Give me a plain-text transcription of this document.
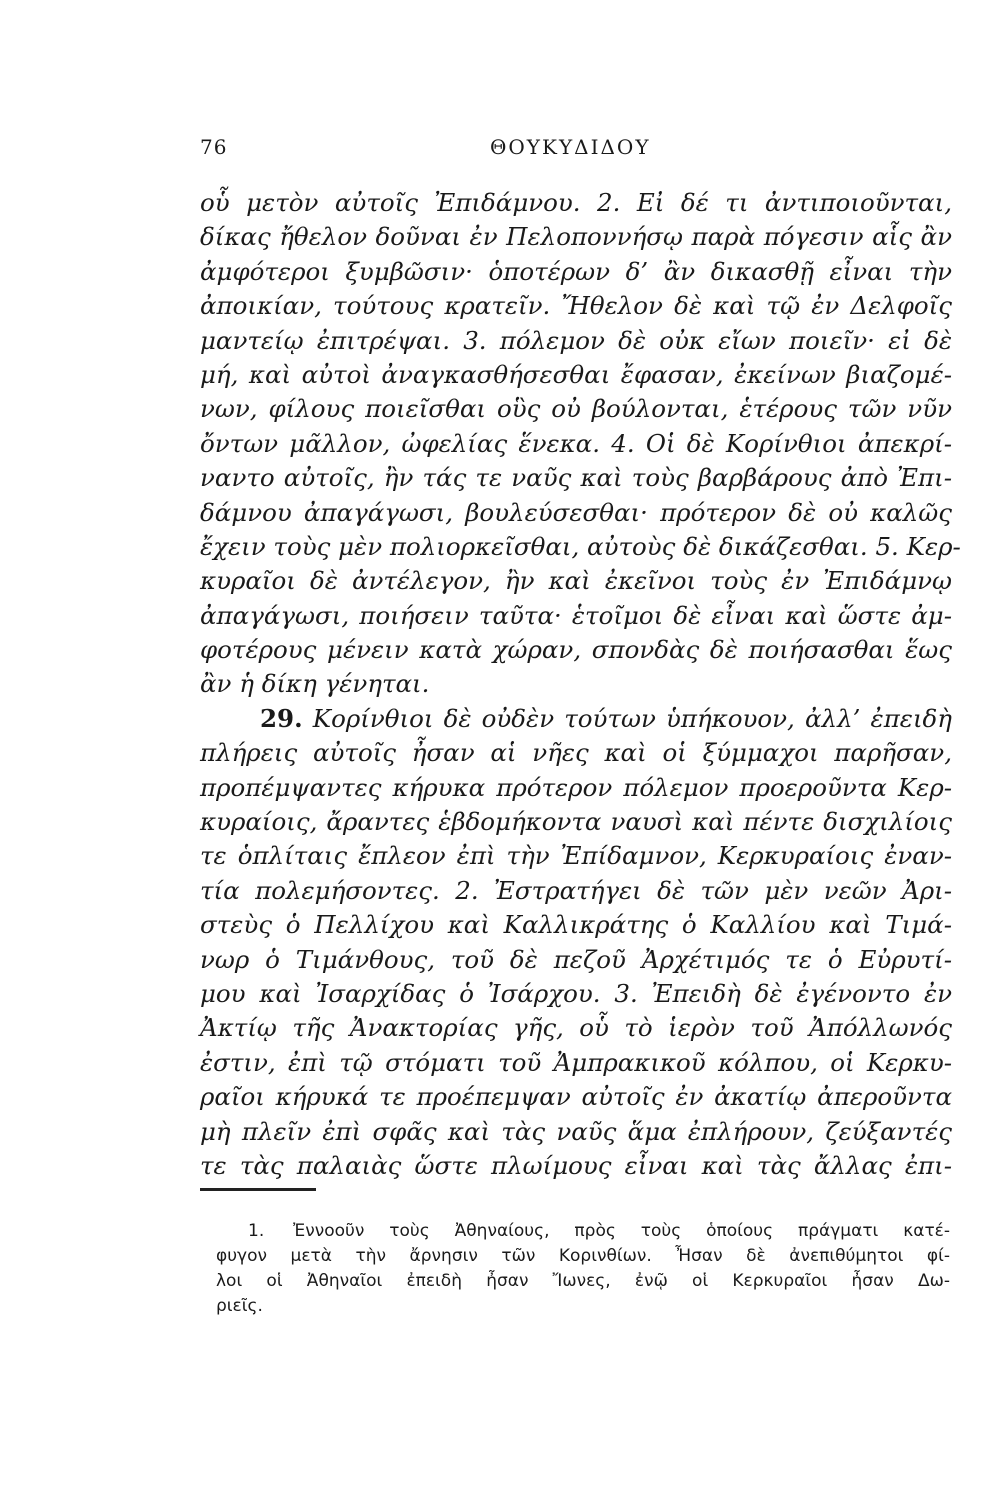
76	ΘΟΥΚΥΔΙΔΟΥ
οὗ μετὸν αὐτοῖς Ἐπιδάμνου. 2. Εἰ δέ τι ἀντιποιοῦνται,
δίκας ἤθελον δοῦναι ἐν Πελοποννήσῳ παρὰ πόγεσιν αἷς ἂν
ἀμφότεροι ξυμβῶσιν· ὁποτέρων δ’ ἂν δικασθῇ εἶναι τὴν
ἀποικίαν, τούτους κρατεῖν. Ἤθελον δὲ καὶ τῷ ἐν Δελφοῖς
μαντείῳ ἐπιτρέψαι. 3. πόλεμον δὲ οὐκ εἴων ποιεῖν· εἰ δὲ
μή, καὶ αὐτοὶ ἀναγκασθήσεσθαι ἔφασαν, ἐκείνων βιαζομέ-
νων, φίλους ποιεῖσθαι οὓς οὐ βούλονται, ἑτέρους τῶν νῦν
ὄντων μᾶλλον, ὠφελίας ἕνεκα. 4. Οἱ δὲ Κορίνθιοι ἀπεκρί-
ναντο αὐτοῖς, ἢν τάς τε ναῦς καὶ τοὺς βαρβάρους ἀπὸ Ἐπι-
δάμνου ἀπαγάγωσι, βουλεύσεσθαι· πρότερον δὲ οὐ καλῶς
ἔχειν τοὺς μὲν πολιορκεῖσθαι, αὐτοὺς δὲ δικάζεσθαι. 5. Κερ-
κυραῖοι δὲ ἀντέλεγον, ἢν καὶ ἐκεῖνοι τοὺς ἐν Ἐπιδάμνῳ
ἀπαγάγωσι, ποιήσειν ταῦτα· ἑτοῖμοι δὲ εἶναι καὶ ὥστε ἀμ-
φοτέρους μένειν κατὰ χώραν, σπονδὰς δὲ ποιήσασθαι ἕως
ἂν ἡ δίκη γένηται.
29. Κορίνθιοι δὲ οὐδὲν τούτων ὑπήκουον, ἀλλ’ ἐπειδὴ
πλήρεις αὐτοῖς ἦσαν αἱ νῆες καὶ οἱ ξύμμαχοι παρῆσαν,
προπέμψαντες κήρυκα πρότερον πόλεμον προεροῦντα Κερ-
κυραίοις, ἄραντες ἑβδομήκοντα ναυσὶ καὶ πέντε δισχιλίοις
τε ὁπλίταις ἔπλεον ἐπὶ τὴν Ἐπίδαμνον, Κερκυραίοις ἐναν-
τία πολεμήσοντες. 2. Ἐστρατήγει δὲ τῶν μὲν νεῶν Ἀρι-
στεὺς ὁ Πελλίχου καὶ Καλλικράτης ὁ Καλλίου καὶ Τιμά-
νωρ ὁ Τιμάνθους, τοῦ δὲ πεζοῦ Ἀρχέτιμός τε ὁ Εὐρυτί-
μου καὶ Ἰσαρχίδας ὁ Ἰσάρχου. 3. Ἐπειδὴ δὲ ἐγένοντο ἐν
Ἀκτίῳ τῆς Ἀνακτορίας γῆς, οὗ τὸ ἱερὸν τοῦ Ἀπόλλωνός
ἐστιν, ἐπὶ τῷ στόματι τοῦ Ἀμπρακικοῦ κόλπου, οἱ Κερκυ-
ραῖοι κήρυκά τε προέπεμψαν αὐτοῖς ἐν ἀκατίῳ ἀπεροῦντα
μὴ πλεῖν ἐπὶ σφᾶς καὶ τὰς ναῦς ἅμα ἐπλήρουν, ζεύξαντές
τε τὰς παλαιὰς ὥστε πλωίμους εἶναι καὶ τὰς ἄλλας ἐπι-
1. Ἐννοοῦν τοὺς Ἀθηναίους, πρὸς τοὺς ὁποίους πράγματι κατέ-
φυγον μετὰ τὴν ἄρνησιν τῶν Κορινθίων. Ἦσαν δὲ ἀνεπιθύμητοι φί-
λοι οἱ Ἀθηναῖοι ἐπειδὴ ἦσαν Ἴωνες, ἐνῷ οἱ Κερκυραῖοι ἦσαν Δω-
ριεῖς.
